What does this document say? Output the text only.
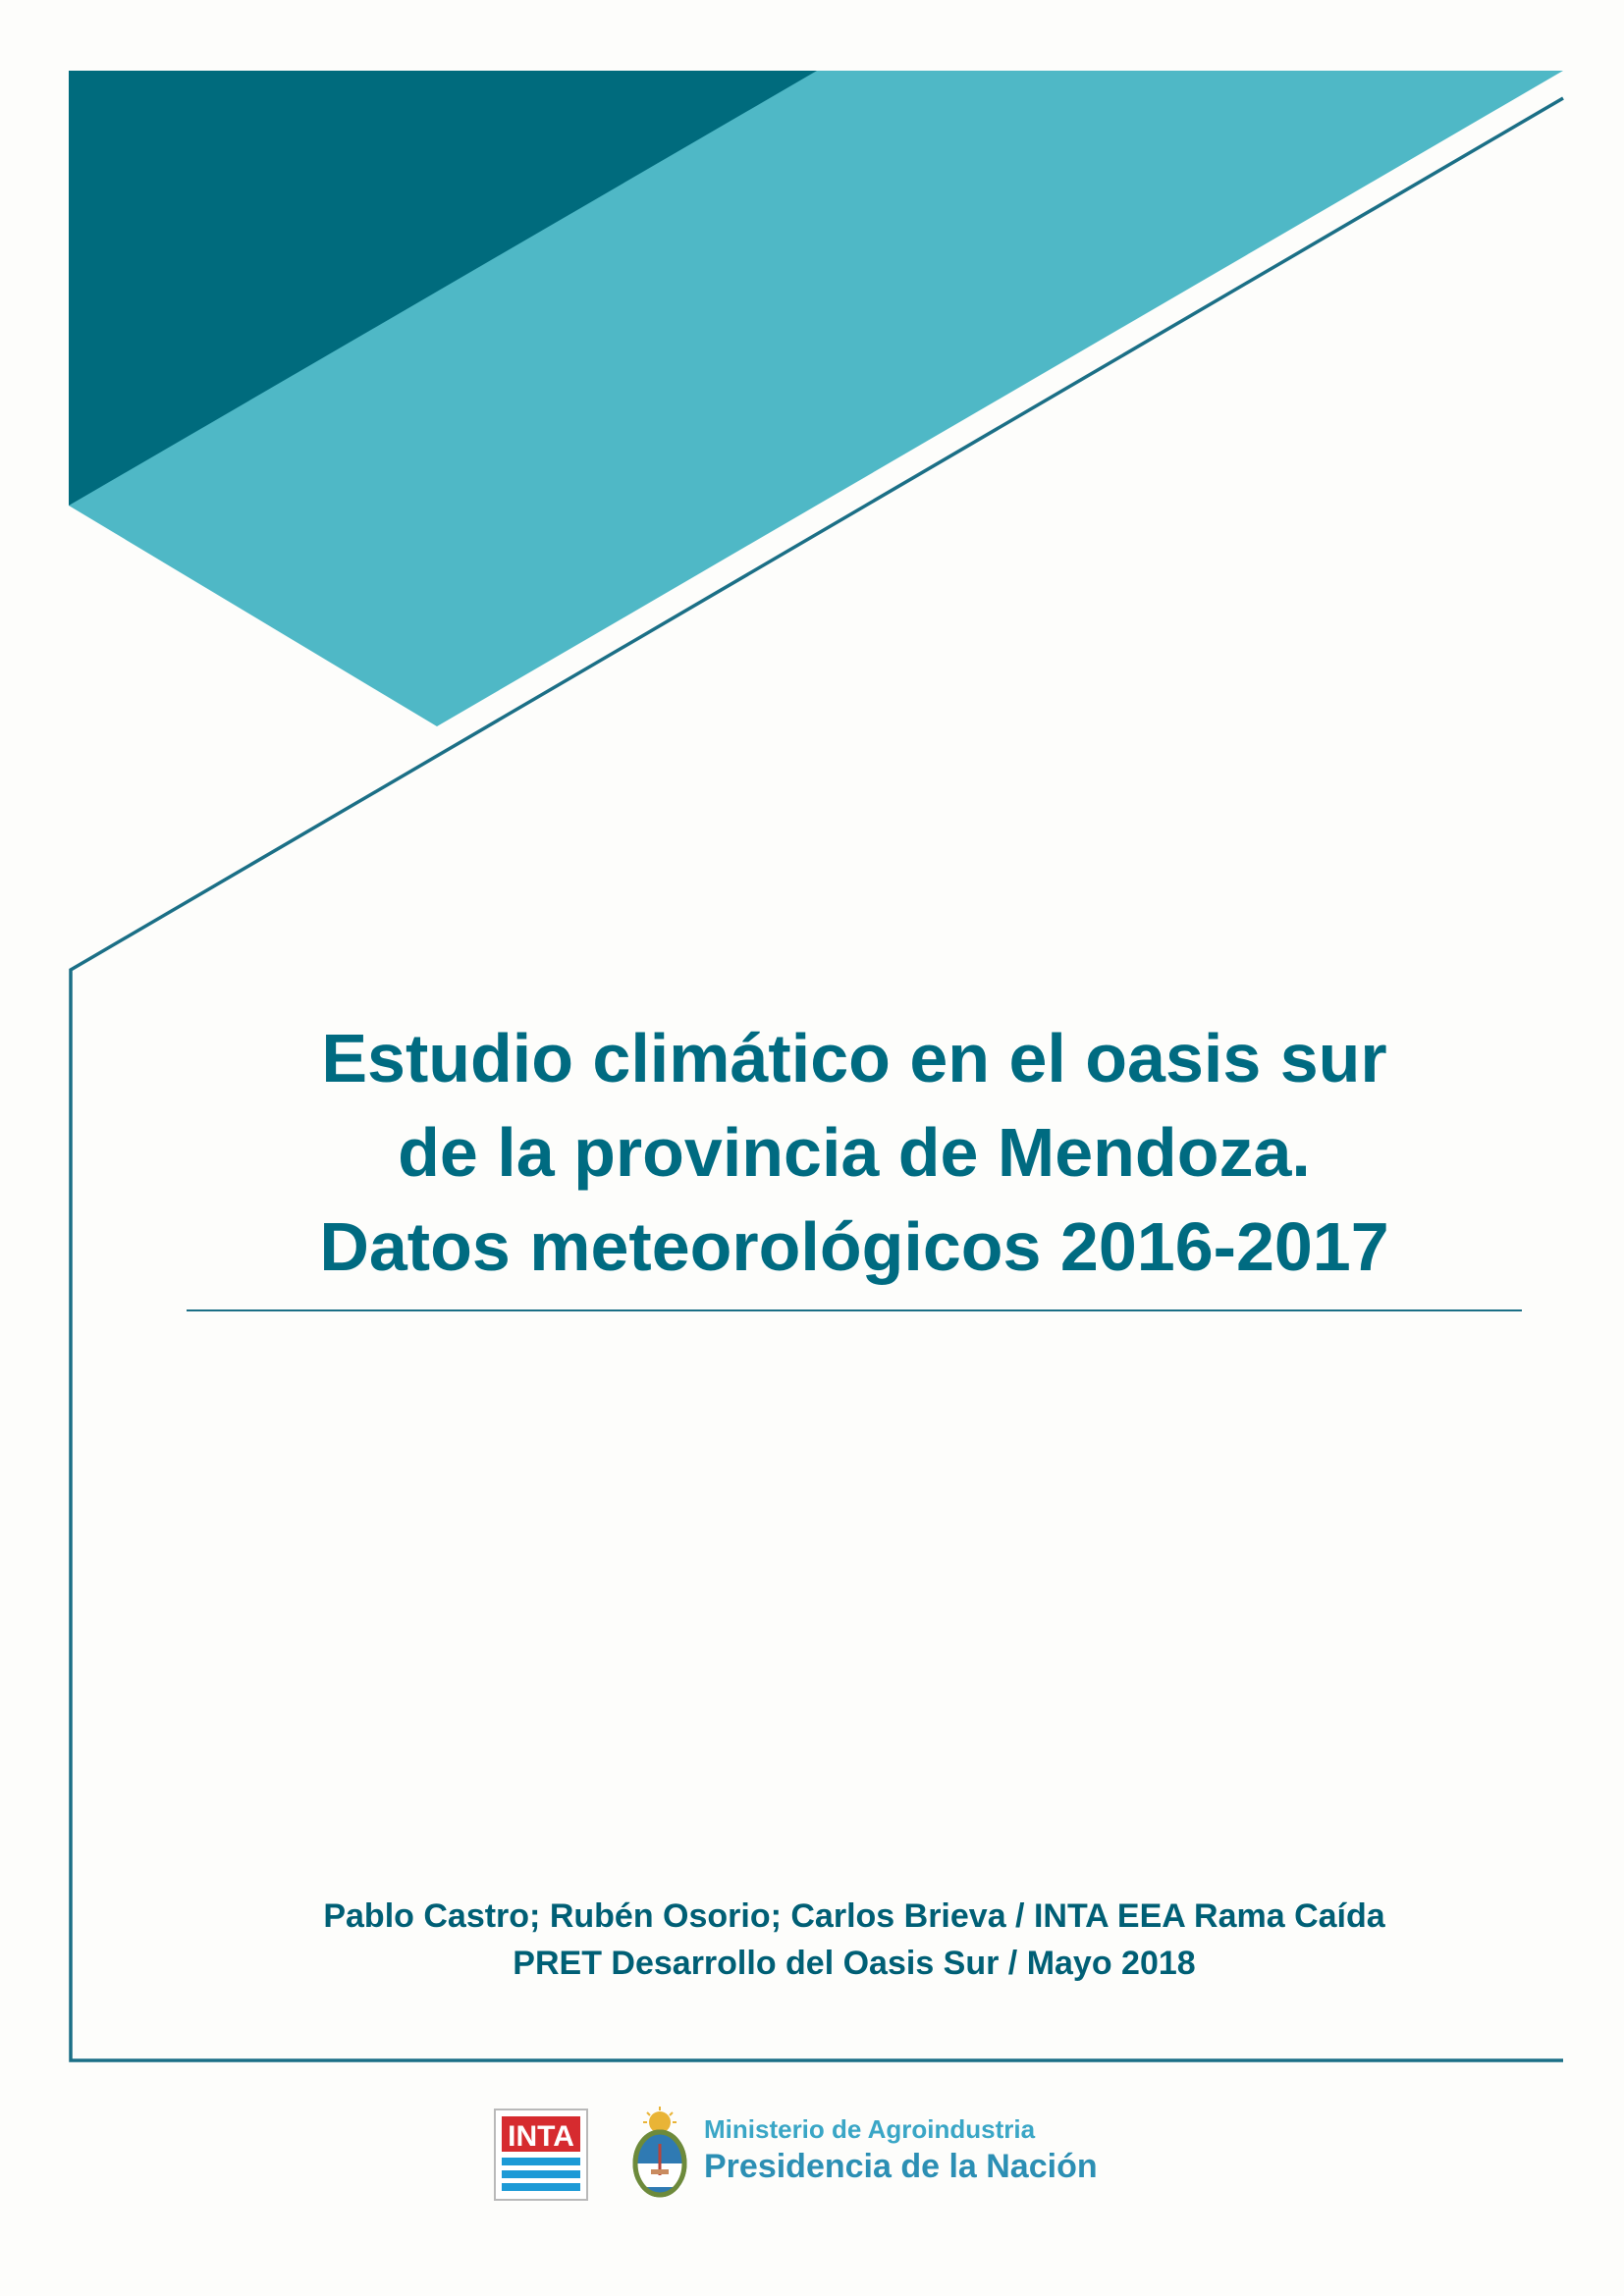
Estudio climático en el oasis sur
de la provincia de Mendoza.
Datos meteorológicos 2016-2017
Pablo Castro; Rubén Osorio; Carlos Brieva / INTA EEA Rama Caída
PRET Desarrollo del Oasis Sur / Mayo 2018
INTA	Ministerio de Agroindustria
Presidencia de la Nación
